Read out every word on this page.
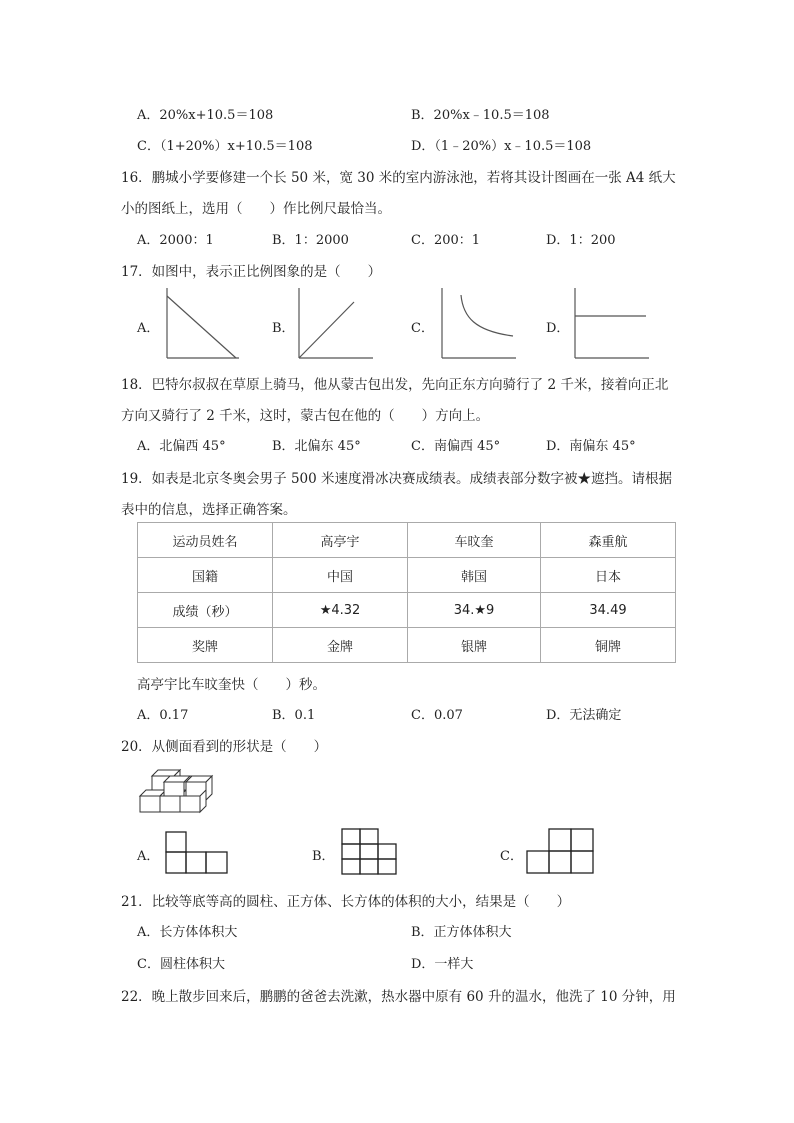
A．20%x+10.5＝108	B．20%x﹣10.5＝108
C．（1+20%）x+10.5＝108	D．（1﹣20%）x﹣10.5＝108
16．鹏城小学要修建一个长 50 米，宽 30 米的室内游泳池，若将其设计图画在一张 A4 纸大
小的图纸上，选用（　　）作比例尺最恰当。
A．2000：1	B．1：2000	C．200：1	D．1：200
17．如图中，表示正比例图象的是（　　）
A．	B．	C．	D．
18．巴特尔叔叔在草原上骑马，他从蒙古包出发，先向正东方向骑行了 2 千米，接着向正北
方向又骑行了 2 千米，这时，蒙古包在他的（　　）方向上。
A．北偏西 45°	B．北偏东 45°	C．南偏西 45°	D．南偏东 45°
19．如表是北京冬奥会男子 500 米速度滑冰决赛成绩表。成绩表部分数字被★遮挡。请根据
表中的信息，选择正确答案。
运动员姓名	高亭宇	车旼奎	森重航
国籍	中国	韩国	日本
成绩（秒）	★4.32	34.★9	34.49
奖牌	金牌	银牌	铜牌
高亭宇比车旼奎快（　　）秒。
A．0.17	B．0.1	C．0.07	D．无法确定
20．从侧面看到的形状是（　　）
A．	B．	C．
21．比较等底等高的圆柱、正方体、长方体的体积的大小，结果是（　　）
A．长方体体积大	B．正方体体积大
C．圆柱体积大	D．一样大
22．晚上散步回来后，鹏鹏的爸爸去洗漱，热水器中原有 60 升的温水，他洗了 10 分钟，用
